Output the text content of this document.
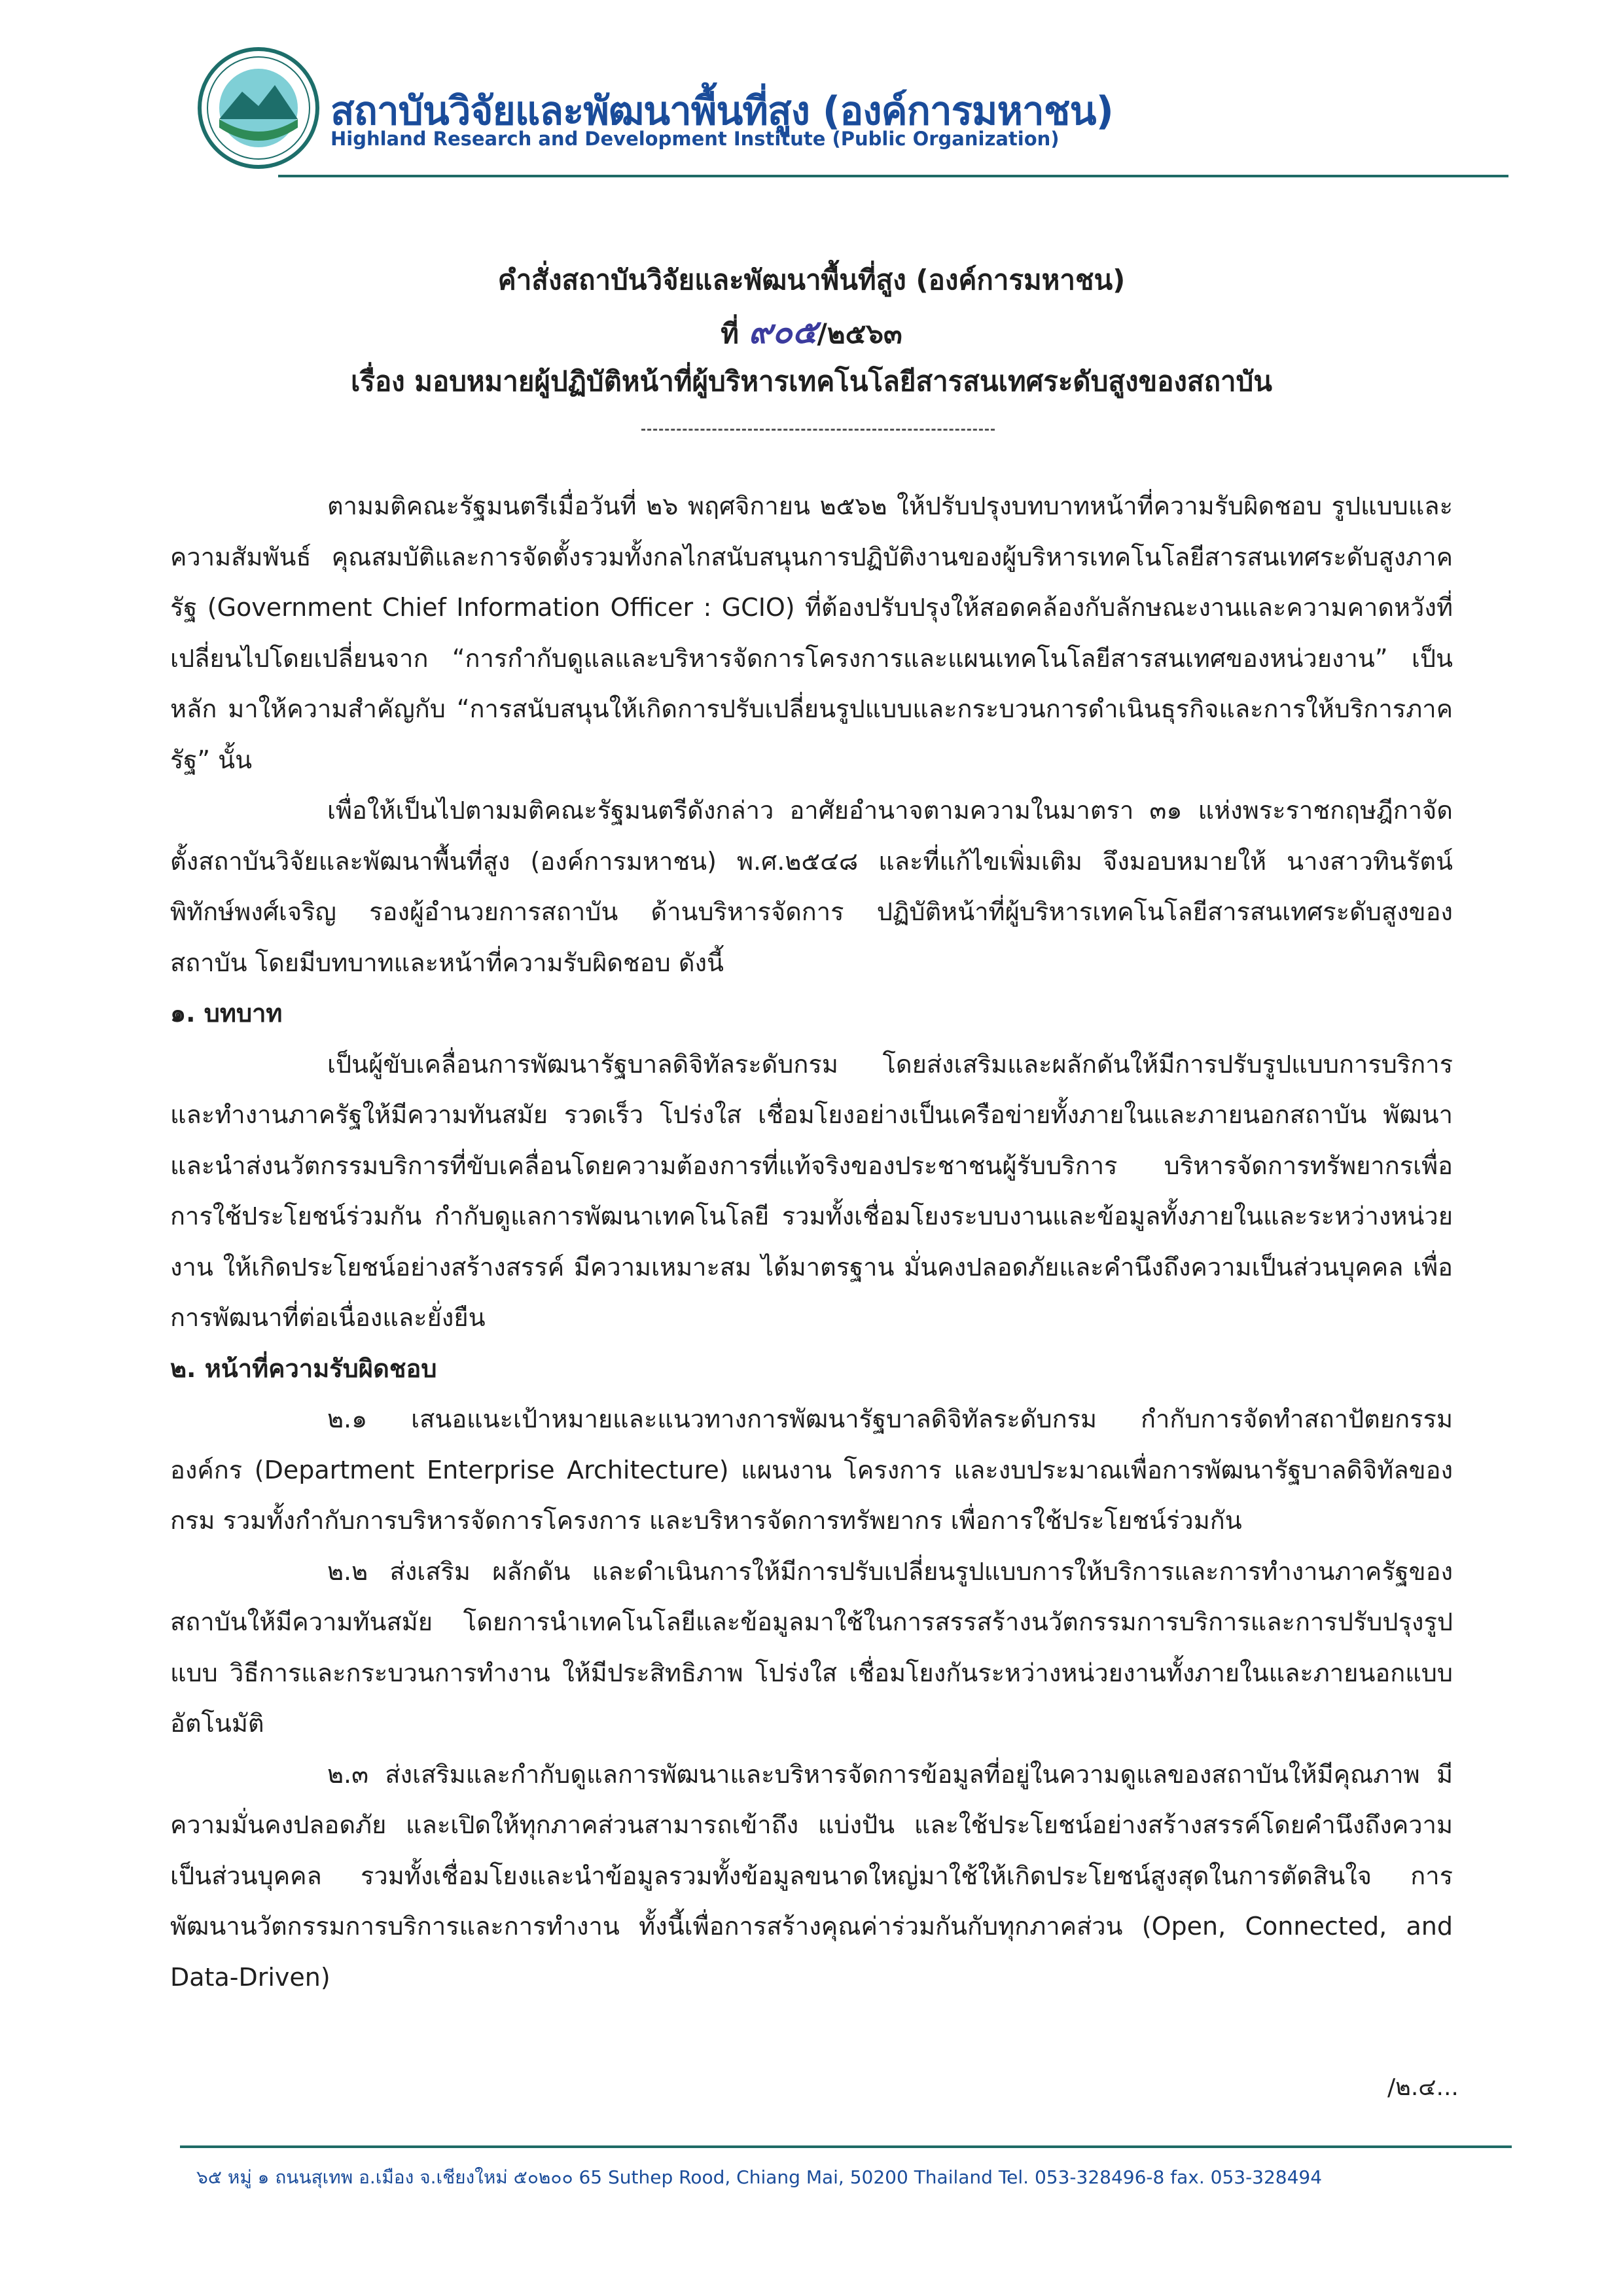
สถาบันวิจัยและพัฒนาพื้นที่สูง (องค์การมหาชน)
Highland Research and Development Institute (Public Organization)
คำสั่งสถาบันวิจัยและพัฒนาพื้นที่สูง (องค์การมหาชน)
ที่ ๙๐๕/๒๕๖๓
เรื่อง มอบหมายผู้ปฏิบัติหน้าที่ผู้บริหารเทคโนโลยีสารสนเทศระดับสูงของสถาบัน

ตามมติคณะรัฐมนตรีเมื่อวันที่ ๒๖ พฤศจิกายน ๒๕๖๒ ให้ปรับปรุงบทบาทหน้าที่ความรับผิดชอบ รูปแบบและความสัมพันธ์ คุณสมบัติและการจัดตั้งรวมทั้งกลไกสนับสนุนการปฏิบัติงานของผู้บริหารเทคโนโลยีสารสนเทศระดับสูงภาครัฐ (Government Chief Information Officer : GCIO) ที่ต้องปรับปรุงให้สอดคล้องกับลักษณะงานและความคาดหวังที่เปลี่ยนไปโดยเปลี่ยนจาก “การกำกับดูแลและบริหารจัดการโครงการและแผนเทคโนโลยีสารสนเทศของหน่วยงาน” เป็นหลัก มาให้ความสำคัญกับ “การสนับสนุนให้เกิดการปรับเปลี่ยนรูปแบบและกระบวนการดำเนินธุรกิจและการให้บริการภาครัฐ” นั้น

เพื่อให้เป็นไปตามมติคณะรัฐมนตรีดังกล่าว อาศัยอำนาจตามความในมาตรา ๓๑ แห่งพระราชกฤษฎีกาจัดตั้งสถาบันวิจัยและพัฒนาพื้นที่สูง (องค์การมหาชน) พ.ศ.๒๕๔๘ และที่แก้ไขเพิ่มเติม จึงมอบหมายให้ นางสาวทินรัตน์ พิทักษ์พงศ์เจริญ รองผู้อำนวยการสถาบัน ด้านบริหารจัดการ ปฏิบัติหน้าที่ผู้บริหารเทคโนโลยีสารสนเทศระดับสูงของสถาบัน โดยมีบทบาทและหน้าที่ความรับผิดชอบ ดังนี้

๑. บทบาท

เป็นผู้ขับเคลื่อนการพัฒนารัฐบาลดิจิทัลระดับกรม โดยส่งเสริมและผลักดันให้มีการปรับรูปแบบการบริการและทำงานภาครัฐให้มีความทันสมัย รวดเร็ว โปร่งใส เชื่อมโยงอย่างเป็นเครือข่ายทั้งภายในและภายนอกสถาบัน พัฒนาและนำส่งนวัตกรรมบริการที่ขับเคลื่อนโดยความต้องการที่แท้จริงของประชาชนผู้รับบริการ บริหารจัดการทรัพยากรเพื่อการใช้ประโยชน์ร่วมกัน กำกับดูแลการพัฒนาเทคโนโลยี รวมทั้งเชื่อมโยงระบบงานและข้อมูลทั้งภายในและระหว่างหน่วยงาน ให้เกิดประโยชน์อย่างสร้างสรรค์ มีความเหมาะสม ได้มาตรฐาน มั่นคงปลอดภัยและคำนึงถึงความเป็นส่วนบุคคล เพื่อการพัฒนาที่ต่อเนื่องและยั่งยืน

๒. หน้าที่ความรับผิดชอบ

๒.๑ เสนอแนะเป้าหมายและแนวทางการพัฒนารัฐบาลดิจิทัลระดับกรม กำกับการจัดทำสถาปัตยกรรมองค์กร (Department Enterprise Architecture) แผนงาน โครงการ และงบประมาณเพื่อการพัฒนารัฐบาลดิจิทัลของกรม รวมทั้งกำกับการบริหารจัดการโครงการ และบริหารจัดการทรัพยากร เพื่อการใช้ประโยชน์ร่วมกัน

๒.๒ ส่งเสริม ผลักดัน และดำเนินการให้มีการปรับเปลี่ยนรูปแบบการให้บริการและการทำงานภาครัฐของสถาบันให้มีความทันสมัย โดยการนำเทคโนโลยีและข้อมูลมาใช้ในการสรรสร้างนวัตกรรมการบริการและการปรับปรุงรูปแบบ วิธีการและกระบวนการทำงาน ให้มีประสิทธิภาพ โปร่งใส เชื่อมโยงกันระหว่างหน่วยงานทั้งภายในและภายนอกแบบอัตโนมัติ

๒.๓ ส่งเสริมและกำกับดูแลการพัฒนาและบริหารจัดการข้อมูลที่อยู่ในความดูแลของสถาบันให้มีคุณภาพ มีความมั่นคงปลอดภัย และเปิดให้ทุกภาคส่วนสามารถเข้าถึง แบ่งปัน และใช้ประโยชน์อย่างสร้างสรรค์โดยคำนึงถึงความเป็นส่วนบุคคล รวมทั้งเชื่อมโยงและนำข้อมูลรวมทั้งข้อมูลขนาดใหญ่มาใช้ให้เกิดประโยชน์สูงสุดในการตัดสินใจ การพัฒนานวัตกรรมการบริการและการทำงาน ทั้งนี้เพื่อการสร้างคุณค่าร่วมกันกับทุกภาคส่วน (Open, Connected, and Data-Driven)

/๒.๔...
๖๕ หมู่ ๑ ถนนสุเทพ อ.เมือง จ.เชียงใหม่ ๕๐๒๐๐ 65 Suthep Rood, Chiang Mai, 50200 Thailand Tel. 053-328496-8 fax. 053-328494
